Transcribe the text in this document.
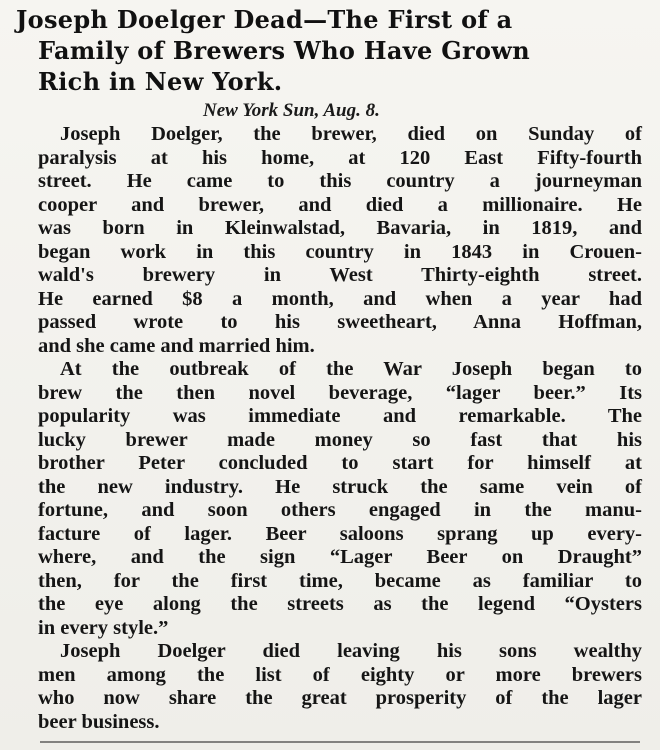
Joseph Doelger Dead—The First of a
Family of Brewers Who Have Grown
Rich in New York.
New York Sun, Aug. 8.
Joseph Doelger, the brewer, died on Sunday of
paralysis at his home, at 120 East Fifty-fourth
street. He came to this country a journeyman
cooper and brewer, and died a millionaire. He
was born in Kleinwalstad, Bavaria, in 1819, and
began work in this country in 1843 in Crouen-
wald's brewery in West Thirty-eighth street.
He earned $8 a month, and when a year had
passed wrote to his sweetheart, Anna Hoffman,
and she came and married him.
At the outbreak of the War Joseph began to
brew the then novel beverage, “lager beer.” Its
popularity was immediate and remarkable. The
lucky brewer made money so fast that his
brother Peter concluded to start for himself at
the new industry. He struck the same vein of
fortune, and soon others engaged in the manu-
facture of lager. Beer saloons sprang up every-
where, and the sign “Lager Beer on Draught”
then, for the first time, became as familiar to
the eye along the streets as the legend “Oysters
in every style.”
Joseph Doelger died leaving his sons wealthy
men among the list of eighty or more brewers
who now share the great prosperity of the lager
beer business.
